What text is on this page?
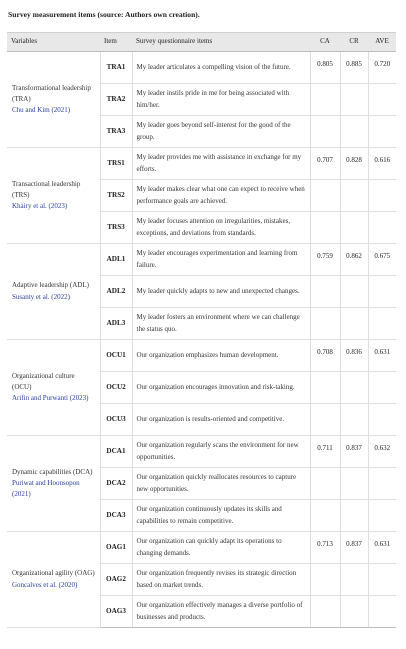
Survey measurement items (source: Authors own creation).
Variables	Item	Survey questionnaire items	CA	CR	AVE

Transformational leadership (TRA)
Chu and Kim (2021)	TRA1	My leader articulates a compelling vision of the future.	0.805	0.885	0.720
	TRA2	My leader instils pride in me for being associated with him/her.			
	TRA3	My leader goes beyond self-interest for the good of the group.			

Transactional leadership (TRS)
Khairy et al. (2023)	TRS1	My leader provides me with assistance in exchange for my efforts.	0.707	0.828	0.616
	TRS2	My leader makes clear what one can expect to receive when performance goals are achieved.			
	TRS3	My leader focuses attention on irregularities, mistakes, exceptions, and deviations from standards.			

Adaptive leadership (ADL)
Susanty et al. (2022)	ADL1	My leader encourages experimentation and learning from failure.	0.759	0.862	0.675
	ADL2	My leader quickly adapts to new and unexpected changes.			
	ADL3	My leader fosters an environment where we can challenge the status quo.			

Organizational culture (OCU)
Arifin and Purwanti (2023)	OCU1	Our organization emphasizes human development.	0.708	0.836	0.631
	OCU2	Our organization encourages innovation and risk-taking.			
	OCU3	Our organization is results-oriented and competitive.			

Dynamic capabilities (DCA)
Puriwat and Hoonsopon (2021)	DCA1	Our organization regularly scans the environment for new opportunities.	0.711	0.837	0.632
	DCA2	Our organization quickly reallocates resources to capture new opportunities.			
	DCA3	Our organization continuously updates its skills and capabilities to remain competitive.			

Organizational agility (OAG)
Goncalves et al. (2020)	OAG1	Our organization can quickly adapt its operations to changing demands.	0.713	0.837	0.631
	OAG2	Our organization frequently revises its strategic direction based on market trends.			
	OAG3	Our organization effectively manages a diverse portfolio of businesses and products.			
